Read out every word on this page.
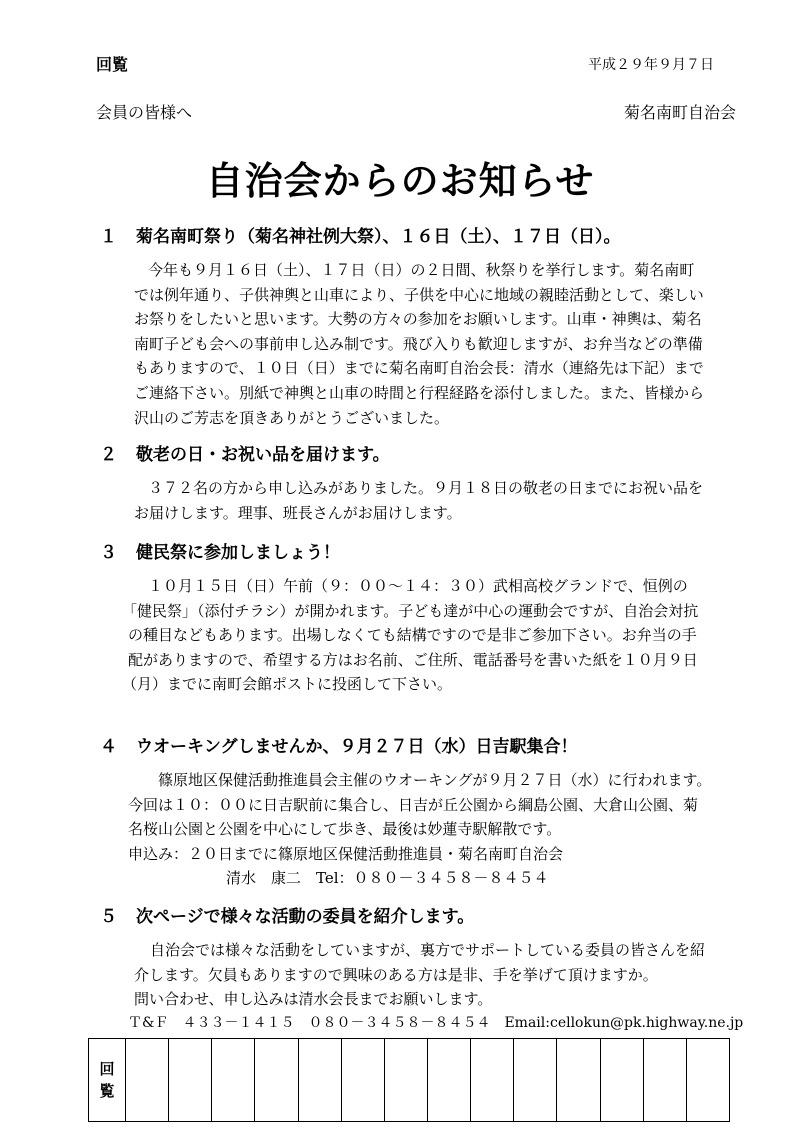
回覧	平成２９年９月７日
会員の皆様へ	菊名南町自治会
自治会からのお知らせ
１ 菊名南町祭り（菊名神社例大祭）、１６日（土）、１７日（日）。
今年も９月１６日（土）、１７日（日）の２日間、秋祭りを挙行します。菊名南町
では例年通り、子供神輿と山車により、子供を中心に地域の親睦活動として、楽しい
お祭りをしたいと思います。大勢の方々の参加をお願いします。山車・神輿は、菊名
南町子ども会への事前申し込み制です。飛び入りも歓迎しますが、お弁当などの準備
もありますので、１０日（日）までに菊名南町自治会長：清水（連絡先は下記）まで
ご連絡下さい。別紙で神輿と山車の時間と行程経路を添付しました。また、皆様から
沢山のご芳志を頂きありがとうございました。
２ 敬老の日・お祝い品を届けます。
３７２名の方から申し込みがありました。９月１８日の敬老の日までにお祝い品を
お届けします。理事、班長さんがお届けします。
３ 健民祭に参加しましょう！
１０月１５日（日）午前（９：００～１４：３０）武相高校グランドで、恒例の
「健民祭」（添付チラシ）が開かれます。子ども達が中心の運動会ですが、自治会対抗
の種目などもあります。出場しなくても結構ですので是非ご参加下さい。お弁当の手
配がありますので、希望する方はお名前、ご住所、電話番号を書いた紙を１０月９日
（月）までに南町会館ポストに投函して下さい。
４ ウオーキングしませんか、９月２７日（水）日吉駅集合！
篠原地区保健活動推進員会主催のウオーキングが９月２７日（水）に行われます。
今回は１０：００に日吉駅前に集合し、日吉が丘公園から綱島公園、大倉山公園、菊
名桜山公園と公園を中心にして歩き、最後は妙蓮寺駅解散です。
申込み：２０日までに篠原地区保健活動推進員・菊名南町自治会
清水　康二　Tel：０８０－３４５８－８４５４
５ 次ページで様々な活動の委員を紹介します。
自治会では様々な活動をしていますが、裏方でサポートしている委員の皆さんを紹
介します。欠員もありますので興味のある方は是非、手を挙げて頂けますか。
問い合わせ、申し込みは清水会長までお願いします。
Ｔ&Ｆ　４３３－１４１５　０８０－３４５８－８４５４　Email:cellokun@pk.highway.ne.jp
回
覧
